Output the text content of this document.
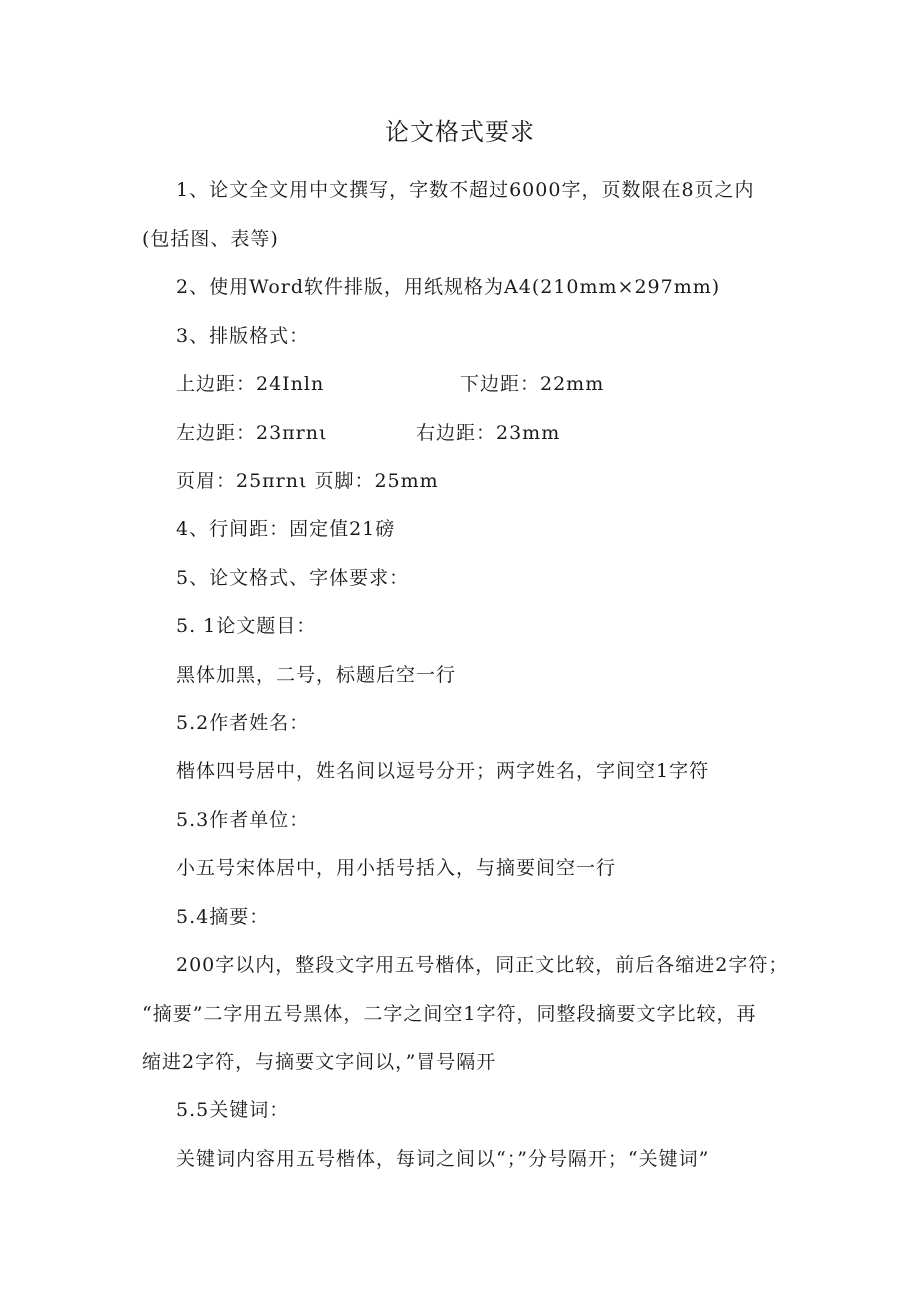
论文格式要求
1、论文全文用中文撰写，字数不超过6000字，页数限在8页之内
(包括图、表等)
2、使用Word软件排版，用纸规格为A4(210mm×297mm)
3、排版格式：
上边距：24Inln	下边距：22mm
左边距：23πrnι	右边距：23mm
页眉：25πrnι 页脚：25mm
4、行间距：固定值21磅
5、论文格式、字体要求：
5. 1论文题目：
黑体加黑，二号，标题后空一行
5.2作者姓名：
楷体四号居中，姓名间以逗号分开；两字姓名，字间空1字符
5.3作者单位：
小五号宋体居中，用小括号括入，与摘要间空一行
5.4摘要：
200字以内，整段文字用五号楷体，同正文比较，前后各缩进2字符；
“摘要”二字用五号黑体，二字之间空1字符，同整段摘要文字比较，再
缩进2字符，与摘要文字间以，”冒号隔开
5.5关键词：
关键词内容用五号楷体，每词之间以“；”分号隔开；“关键词”
